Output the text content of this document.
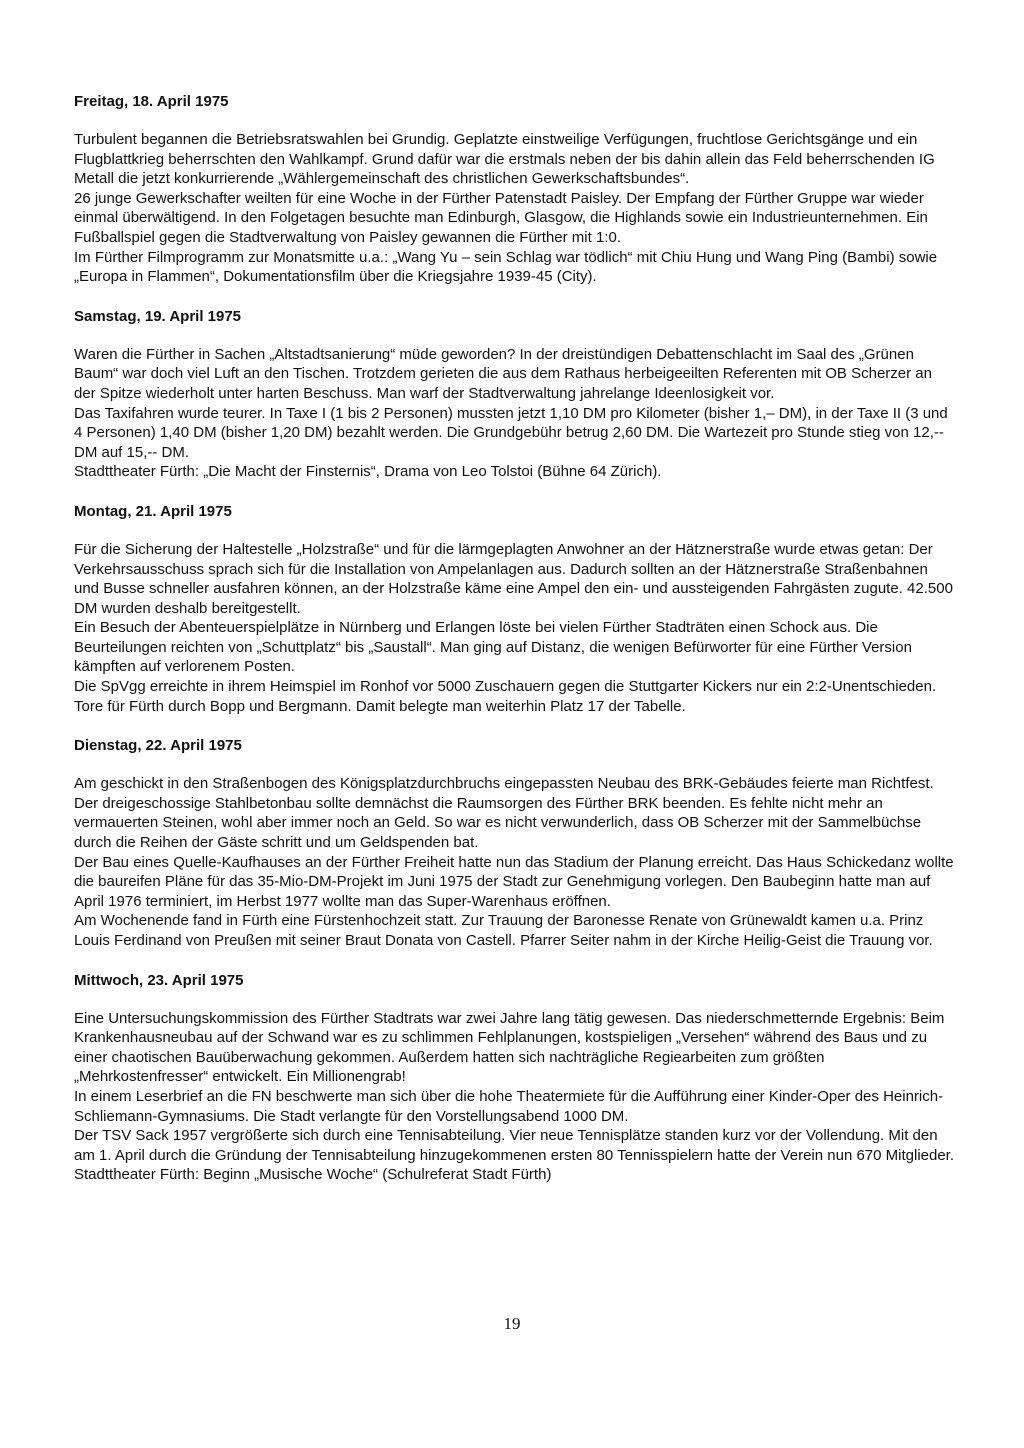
Freitag, 18. April 1975

Turbulent begannen die Betriebsratswahlen bei Grundig. Geplatzte einstweilige Verfügungen, fruchtlose Gerichtsgänge und ein Flugblattkrieg beherrschten den Wahlkampf. Grund dafür war die erstmals neben der bis dahin allein das Feld beherrschenden IG Metall die jetzt konkurrierende „Wählergemeinschaft des christlichen Gewerkschaftsbundes“.

26 junge Gewerkschafter weilten für eine Woche in der Fürther Patenstadt Paisley. Der Empfang der Fürther Gruppe war wieder einmal überwältigend. In den Folgetagen besuchte man Edinburgh, Glasgow, die Highlands sowie ein Industrieunternehmen. Ein Fußballspiel gegen die Stadtverwaltung von Paisley gewannen die Fürther mit 1:0.

Im Fürther Filmprogramm zur Monatsmitte u.a.: „Wang Yu – sein Schlag war tödlich“ mit Chiu Hung und Wang Ping (Bambi) sowie „Europa in Flammen“, Dokumentationsfilm über die Kriegsjahre 1939-45 (City).

Samstag, 19. April 1975

Waren die Fürther in Sachen „Altstadtsanierung“ müde geworden? In der dreistündigen Debattenschlacht im Saal des „Grünen Baum“ war doch viel Luft an den Tischen. Trotzdem gerieten die aus dem Rathaus herbeigeeilten Referenten mit OB Scherzer an der Spitze wiederholt unter harten Beschuss. Man warf der Stadtverwaltung jahrelange Ideenlosigkeit vor.

Das Taxifahren wurde teurer. In Taxe I (1 bis 2 Personen) mussten jetzt 1,10 DM pro Kilometer (bisher 1,– DM), in der Taxe II (3 und 4 Personen) 1,40 DM (bisher 1,20 DM) bezahlt werden. Die Grundgebühr betrug 2,60 DM. Die Wartezeit pro Stunde stieg von 12,-- DM auf 15,-- DM.

Stadttheater Fürth: „Die Macht der Finsternis“, Drama von Leo Tolstoi (Bühne 64 Zürich).

Montag, 21. April 1975

Für die Sicherung der Haltestelle „Holzstraße“ und für die lärmgeplagten Anwohner an der Hätznerstraße wurde etwas getan: Der Verkehrsausschuss sprach sich für die Installation von Ampelanlagen aus. Dadurch sollten an der Hätznerstraße Straßenbahnen und Busse schneller ausfahren können, an der Holzstraße käme eine Ampel den ein- und aussteigenden Fahrgästen zugute. 42.500 DM wurden deshalb bereitgestellt.

Ein Besuch der Abenteuerspielplätze in Nürnberg und Erlangen löste bei vielen Fürther Stadträten einen Schock aus. Die Beurteilungen reichten von „Schuttplatz“ bis „Saustall“. Man ging auf Distanz, die wenigen Befürworter für eine Fürther Version kämpften auf verlorenem Posten.

Die SpVgg erreichte in ihrem Heimspiel im Ronhof vor 5000 Zuschauern gegen die Stuttgarter Kickers nur ein 2:2-Unentschieden. Tore für Fürth durch Bopp und Bergmann. Damit belegte man weiterhin Platz 17 der Tabelle.

Dienstag, 22. April 1975

Am geschickt in den Straßenbogen des Königsplatzdurchbruchs eingepassten Neubau des BRK-Gebäudes feierte man Richtfest. Der dreigeschossige Stahlbetonbau sollte demnächst die Raumsorgen des Fürther BRK beenden. Es fehlte nicht mehr an vermauerten Steinen, wohl aber immer noch an Geld. So war es nicht verwunderlich, dass OB Scherzer mit der Sammelbüchse durch die Reihen der Gäste schritt und um Geldspenden bat.

Der Bau eines Quelle-Kaufhauses an der Fürther Freiheit hatte nun das Stadium der Planung erreicht. Das Haus Schickedanz wollte die baureifen Pläne für das 35-Mio-DM-Projekt im Juni 1975 der Stadt zur Genehmigung vorlegen. Den Baubeginn hatte man auf April 1976 terminiert, im Herbst 1977 wollte man das Super-Warenhaus eröffnen.

Am Wochenende fand in Fürth eine Fürstenhochzeit statt. Zur Trauung der Baronesse Renate von Grünewaldt kamen u.a. Prinz Louis Ferdinand von Preußen mit seiner Braut Donata von Castell. Pfarrer Seiter nahm in der Kirche Heilig-Geist die Trauung vor.

Mittwoch, 23. April 1975

Eine Untersuchungskommission des Fürther Stadtrats war zwei Jahre lang tätig gewesen. Das niederschmetternde Ergebnis: Beim Krankenhausneubau auf der Schwand war es zu schlimmen Fehlplanungen, kostspieligen „Versehen“ während des Baus und zu einer chaotischen Bauüberwachung gekommen. Außerdem hatten sich nachträgliche Regiearbeiten zum größten „Mehrkostenfresser“ entwickelt. Ein Millionengrab!

In einem Leserbrief an die FN beschwerte man sich über die hohe Theatermiete für die Aufführung einer Kinder-Oper des Heinrich-Schliemann-Gymnasiums. Die Stadt verlangte für den Vorstellungsabend 1000 DM.

Der TSV Sack 1957 vergrößerte sich durch eine Tennisabteilung. Vier neue Tennisplätze standen kurz vor der Vollendung. Mit den am 1. April durch die Gründung der Tennisabteilung hinzugekommenen ersten 80 Tennisspielern hatte der Verein nun 670 Mitglieder.

Stadttheater Fürth: Beginn „Musische Woche“ (Schulreferat Stadt Fürth)

19
